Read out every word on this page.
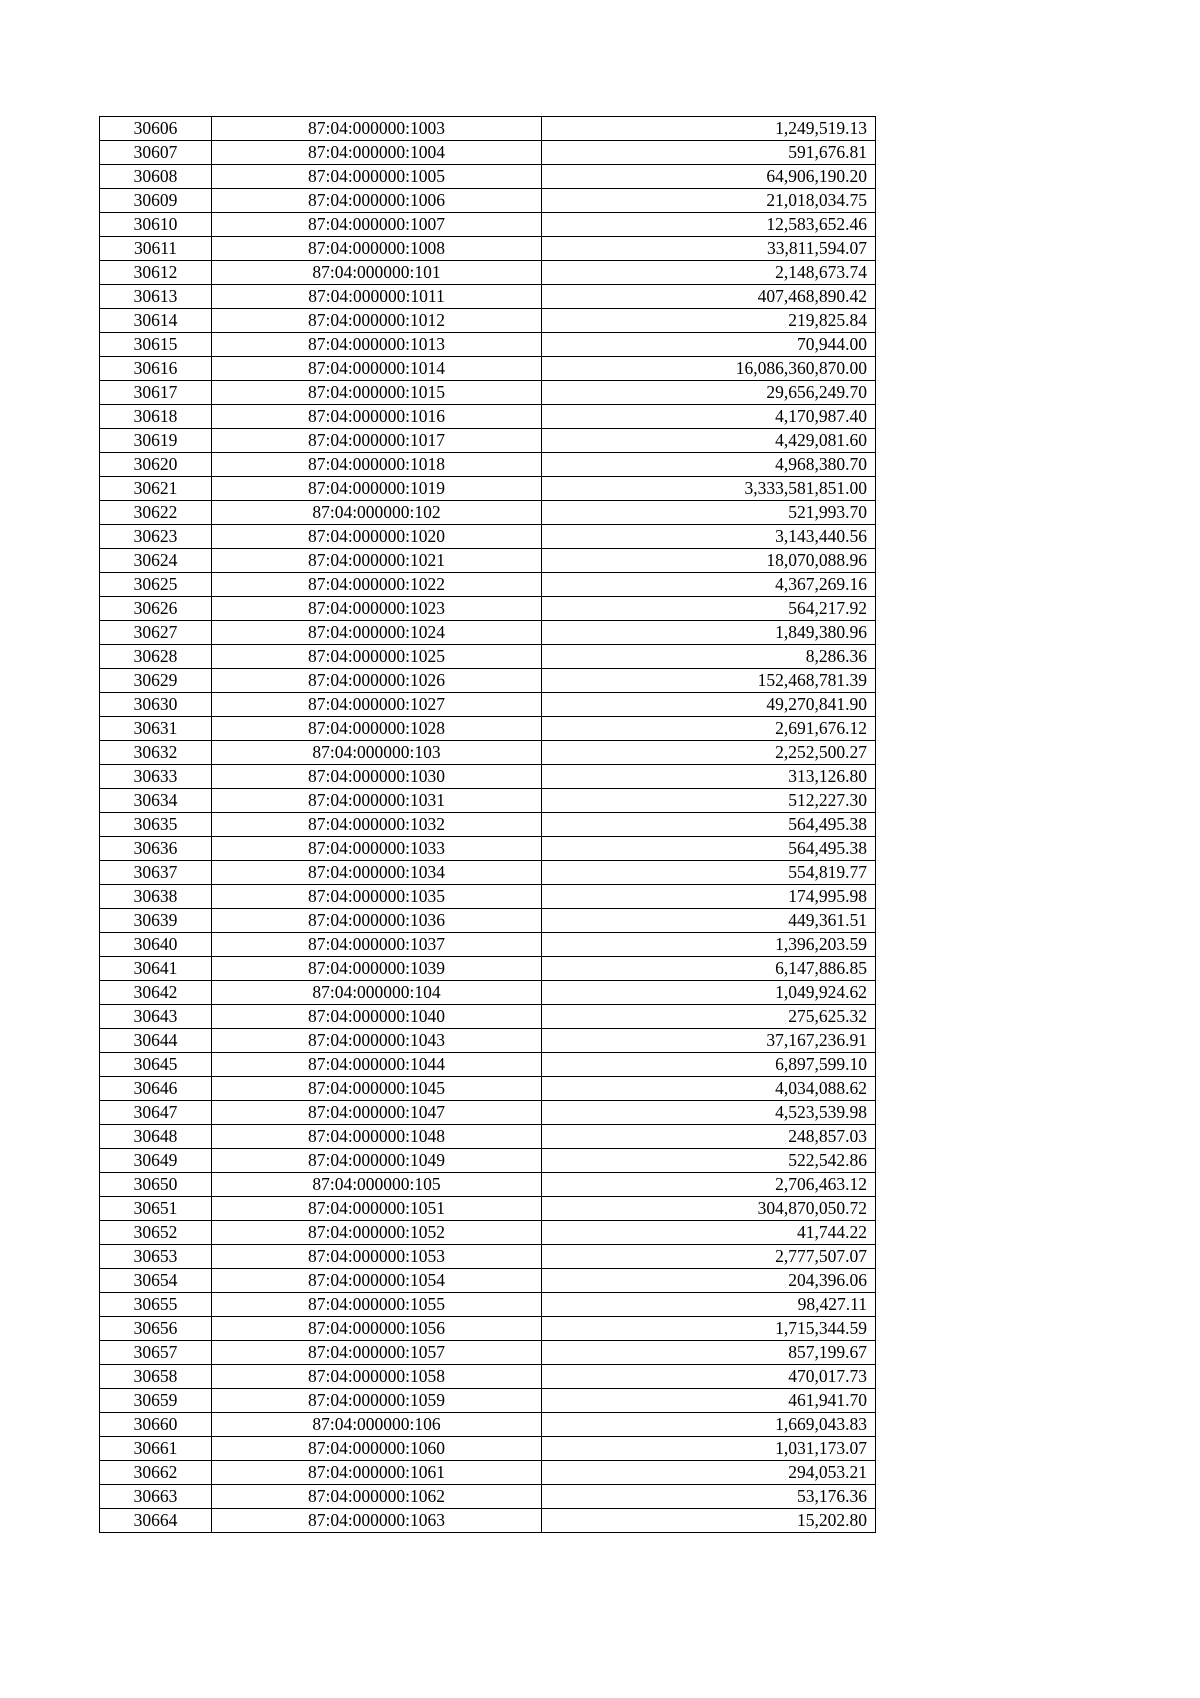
30606	87:04:000000:1003	1,249,519.13
30607	87:04:000000:1004	591,676.81
30608	87:04:000000:1005	64,906,190.20
30609	87:04:000000:1006	21,018,034.75
30610	87:04:000000:1007	12,583,652.46
30611	87:04:000000:1008	33,811,594.07
30612	87:04:000000:101	2,148,673.74
30613	87:04:000000:1011	407,468,890.42
30614	87:04:000000:1012	219,825.84
30615	87:04:000000:1013	70,944.00
30616	87:04:000000:1014	16,086,360,870.00
30617	87:04:000000:1015	29,656,249.70
30618	87:04:000000:1016	4,170,987.40
30619	87:04:000000:1017	4,429,081.60
30620	87:04:000000:1018	4,968,380.70
30621	87:04:000000:1019	3,333,581,851.00
30622	87:04:000000:102	521,993.70
30623	87:04:000000:1020	3,143,440.56
30624	87:04:000000:1021	18,070,088.96
30625	87:04:000000:1022	4,367,269.16
30626	87:04:000000:1023	564,217.92
30627	87:04:000000:1024	1,849,380.96
30628	87:04:000000:1025	8,286.36
30629	87:04:000000:1026	152,468,781.39
30630	87:04:000000:1027	49,270,841.90
30631	87:04:000000:1028	2,691,676.12
30632	87:04:000000:103	2,252,500.27
30633	87:04:000000:1030	313,126.80
30634	87:04:000000:1031	512,227.30
30635	87:04:000000:1032	564,495.38
30636	87:04:000000:1033	564,495.38
30637	87:04:000000:1034	554,819.77
30638	87:04:000000:1035	174,995.98
30639	87:04:000000:1036	449,361.51
30640	87:04:000000:1037	1,396,203.59
30641	87:04:000000:1039	6,147,886.85
30642	87:04:000000:104	1,049,924.62
30643	87:04:000000:1040	275,625.32
30644	87:04:000000:1043	37,167,236.91
30645	87:04:000000:1044	6,897,599.10
30646	87:04:000000:1045	4,034,088.62
30647	87:04:000000:1047	4,523,539.98
30648	87:04:000000:1048	248,857.03
30649	87:04:000000:1049	522,542.86
30650	87:04:000000:105	2,706,463.12
30651	87:04:000000:1051	304,870,050.72
30652	87:04:000000:1052	41,744.22
30653	87:04:000000:1053	2,777,507.07
30654	87:04:000000:1054	204,396.06
30655	87:04:000000:1055	98,427.11
30656	87:04:000000:1056	1,715,344.59
30657	87:04:000000:1057	857,199.67
30658	87:04:000000:1058	470,017.73
30659	87:04:000000:1059	461,941.70
30660	87:04:000000:106	1,669,043.83
30661	87:04:000000:1060	1,031,173.07
30662	87:04:000000:1061	294,053.21
30663	87:04:000000:1062	53,176.36
30664	87:04:000000:1063	15,202.80
